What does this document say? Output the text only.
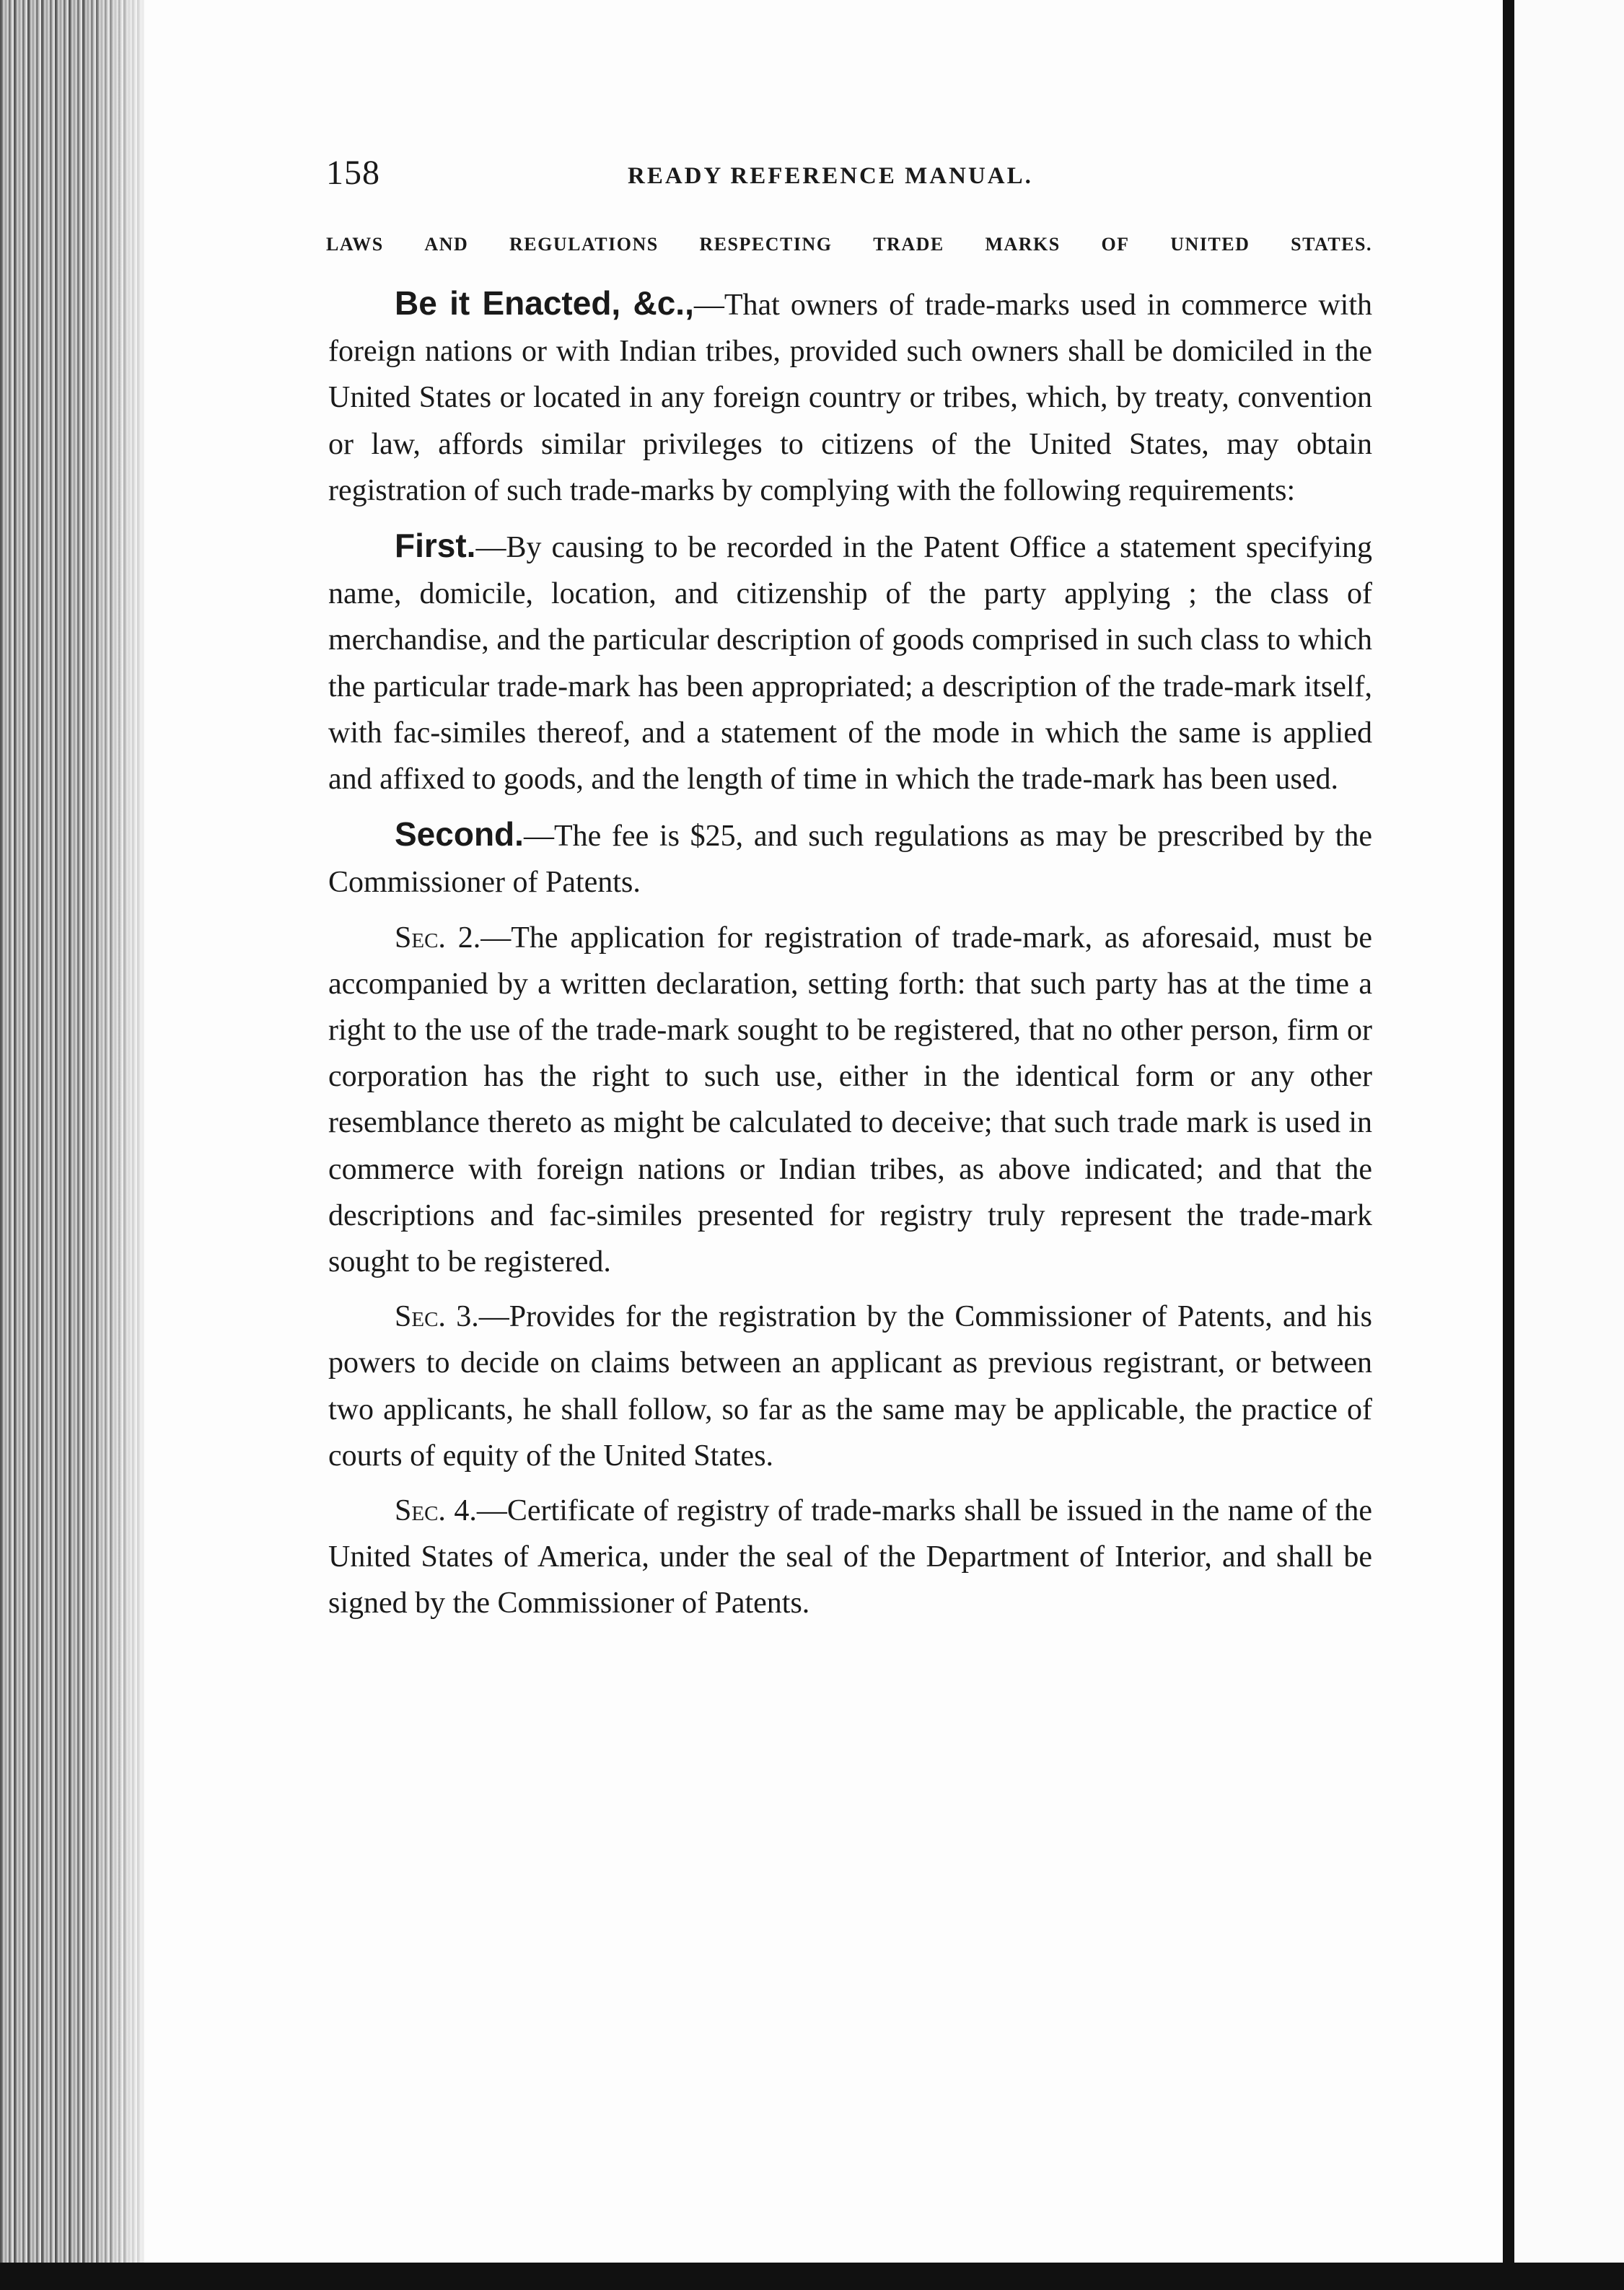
158	READY REFERENCE MANUAL.
LAWS AND REGULATIONS RESPECTING TRADE MARKS OF UNITED STATES.

Be it Enacted, &c.,—That owners of trade-marks used in commerce with foreign nations or with Indian tribes, provided such owners shall be domiciled in the United States or located in any foreign country or tribes, which, by treaty, convention or law, affords similar privileges to citizens of the United States, may obtain registration of such trade-marks by complying with the following requirements:

First.—By causing to be recorded in the Patent Office a statement specifying name, domicile, location, and citizenship of the party applying ; the class of merchandise, and the particular description of goods comprised in such class to which the particular trade-mark has been appropriated; a description of the trade-mark itself, with fac-similes thereof, and a statement of the mode in which the same is applied and affixed to goods, and the length of time in which the trade-mark has been used.

Second.—The fee is $25, and such regulations as may be prescribed by the Commissioner of Patents.

Sec. 2.—The application for registration of trade-mark, as aforesaid, must be accompanied by a written declaration, setting forth: that such party has at the time a right to the use of the trade-mark sought to be registered, that no other person, firm or corporation has the right to such use, either in the identical form or any other resemblance thereto as might be calculated to deceive; that such trade mark is used in commerce with foreign nations or Indian tribes, as above indicated; and that the descriptions and fac-similes presented for registry truly represent the trade-mark sought to be registered.

Sec. 3.—Provides for the registration by the Commissioner of Patents, and his powers to decide on claims between an applicant as previous registrant, or between two applicants, he shall follow, so far as the same may be applicable, the practice of courts of equity of the United States.

Sec. 4.—Certificate of registry of trade-marks shall be issued in the name of the United States of America, under the seal of the Department of Interior, and shall be signed by the Commissioner of Patents.
